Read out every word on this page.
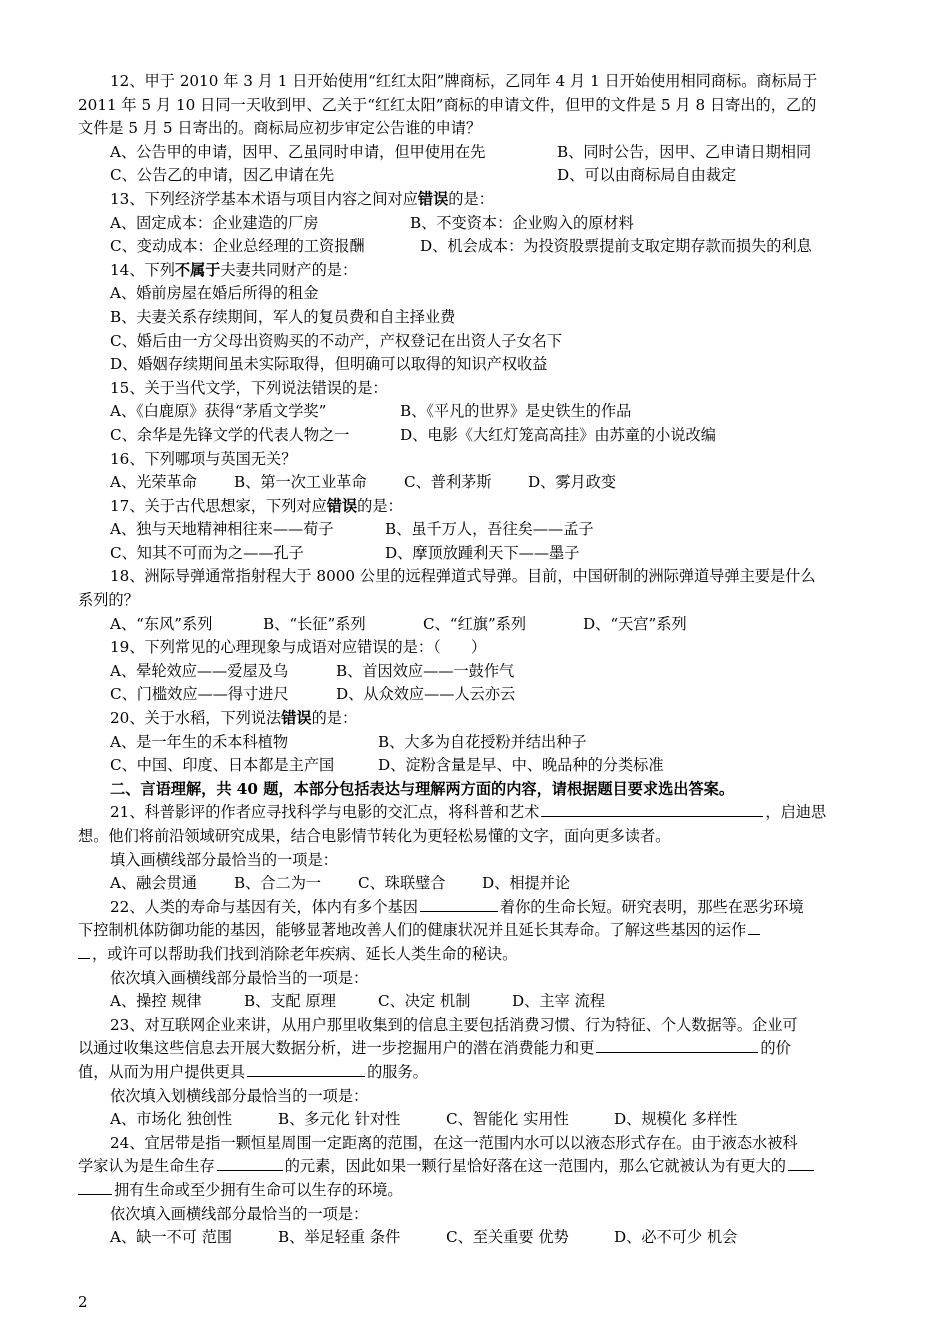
12、甲于 2010 年 3 月 1 日开始使用“红红太阳”牌商标，乙同年 4 月 1 日开始使用相同商标。商标局于
2011 年 5 月 10 日同一天收到甲、乙关于“红红太阳”商标的申请文件，但甲的文件是 5 月 8 日寄出的，乙的
文件是 5 月 5 日寄出的。商标局应初步审定公告谁的申请？
A、公告甲的申请，因甲、乙虽同时申请，但甲使用在先	B、同时公告，因甲、乙申请日期相同
C、公告乙的申请，因乙申请在先	D、可以由商标局自由裁定
13、下列经济学基本术语与项目内容之间对应错误的是：
A、固定成本：企业建造的厂房	B、不变资本：企业购入的原材料
C、变动成本：企业总经理的工资报酬	D、机会成本：为投资股票提前支取定期存款而损失的利息
14、下列不属于夫妻共同财产的是：
A、婚前房屋在婚后所得的租金
B、夫妻关系存续期间，军人的复员费和自主择业费
C、婚后由一方父母出资购买的不动产，产权登记在出资人子女名下
D、婚姻存续期间虽未实际取得，但明确可以取得的知识产权收益
15、关于当代文学，下列说法错误的是：
A、《白鹿原》获得“茅盾文学奖”	B、《平凡的世界》是史铁生的作品
C、余华是先锋文学的代表人物之一	D、电影《大红灯笼高高挂》由苏童的小说改编
16、下列哪项与英国无关？
A、光荣革命 B、第一次工业革命 C、普利茅斯 D、雾月政变
17、关于古代思想家，下列对应错误的是：
A、独与天地精神相往来——荀子	B、虽千万人，吾往矣——孟子
C、知其不可而为之——孔子	D、摩顶放踵利天下——墨子
18、洲际导弹通常指射程大于 8000 公里的远程弹道式导弹。目前，中国研制的洲际弹道导弹主要是什么
系列的？
A、“东风”系列	B、“长征”系列	C、“红旗”系列	D、“天宫”系列
19、下列常见的心理现象与成语对应错误的是：（　　）
A、晕轮效应——爱屋及乌	B、首因效应——一鼓作气
C、门槛效应——得寸进尺	D、从众效应——人云亦云
20、关于水稻，下列说法错误的是：
A、是一年生的禾本科植物	B、大多为自花授粉并结出种子
C、中国、印度、日本都是主产国	D、淀粉含量是早、中、晚品种的分类标准
二、言语理解，共 40 题，本部分包括表达与理解两方面的内容，请根据题目要求选出答案。
21、科普影评的作者应寻找科学与电影的交汇点，将科普和艺术	，启迪思
想。他们将前沿领域研究成果，结合电影情节转化为更轻松易懂的文字，面向更多读者。
填入画横线部分最恰当的一项是：
A、融会贯通 B、合二为一 C、珠联璧合 D、相提并论
22、人类的寿命与基因有关，体内有多个基因	着你的生命长短。研究表明，那些在恶劣环境
下控制机体防御功能的基因，能够显著地改善人们的健康状况并且延长其寿命。了解这些基因的运作
，或许可以帮助我们找到消除老年疾病、延长人类生命的秘诀。
依次填入画横线部分最恰当的一项是：
A、操控 规律	B、支配 原理	C、决定 机制	D、主宰 流程
23、对互联网企业来讲，从用户那里收集到的信息主要包括消费习惯、行为特征、个人数据等。企业可
以通过收集这些信息去开展大数据分析，进一步挖掘用户的潜在消费能力和更	的价
值，从而为用户提供更具	的服务。
依次填入划横线部分最恰当的一项是：
A、市场化 独创性	B、多元化 针对性	C、智能化 实用性	D、规模化 多样性
24、宜居带是指一颗恒星周围一定距离的范围，在这一范围内水可以以液态形式存在。由于液态水被科
学家认为是生命生存	的元素，因此如果一颗行星恰好落在这一范围内，那么它就被认为有更大的
拥有生命或至少拥有生命可以生存的环境。
依次填入画横线部分最恰当的一项是：
A、缺一不可 范围	B、举足轻重 条件	C、至关重要 优势	D、必不可少 机会
2
